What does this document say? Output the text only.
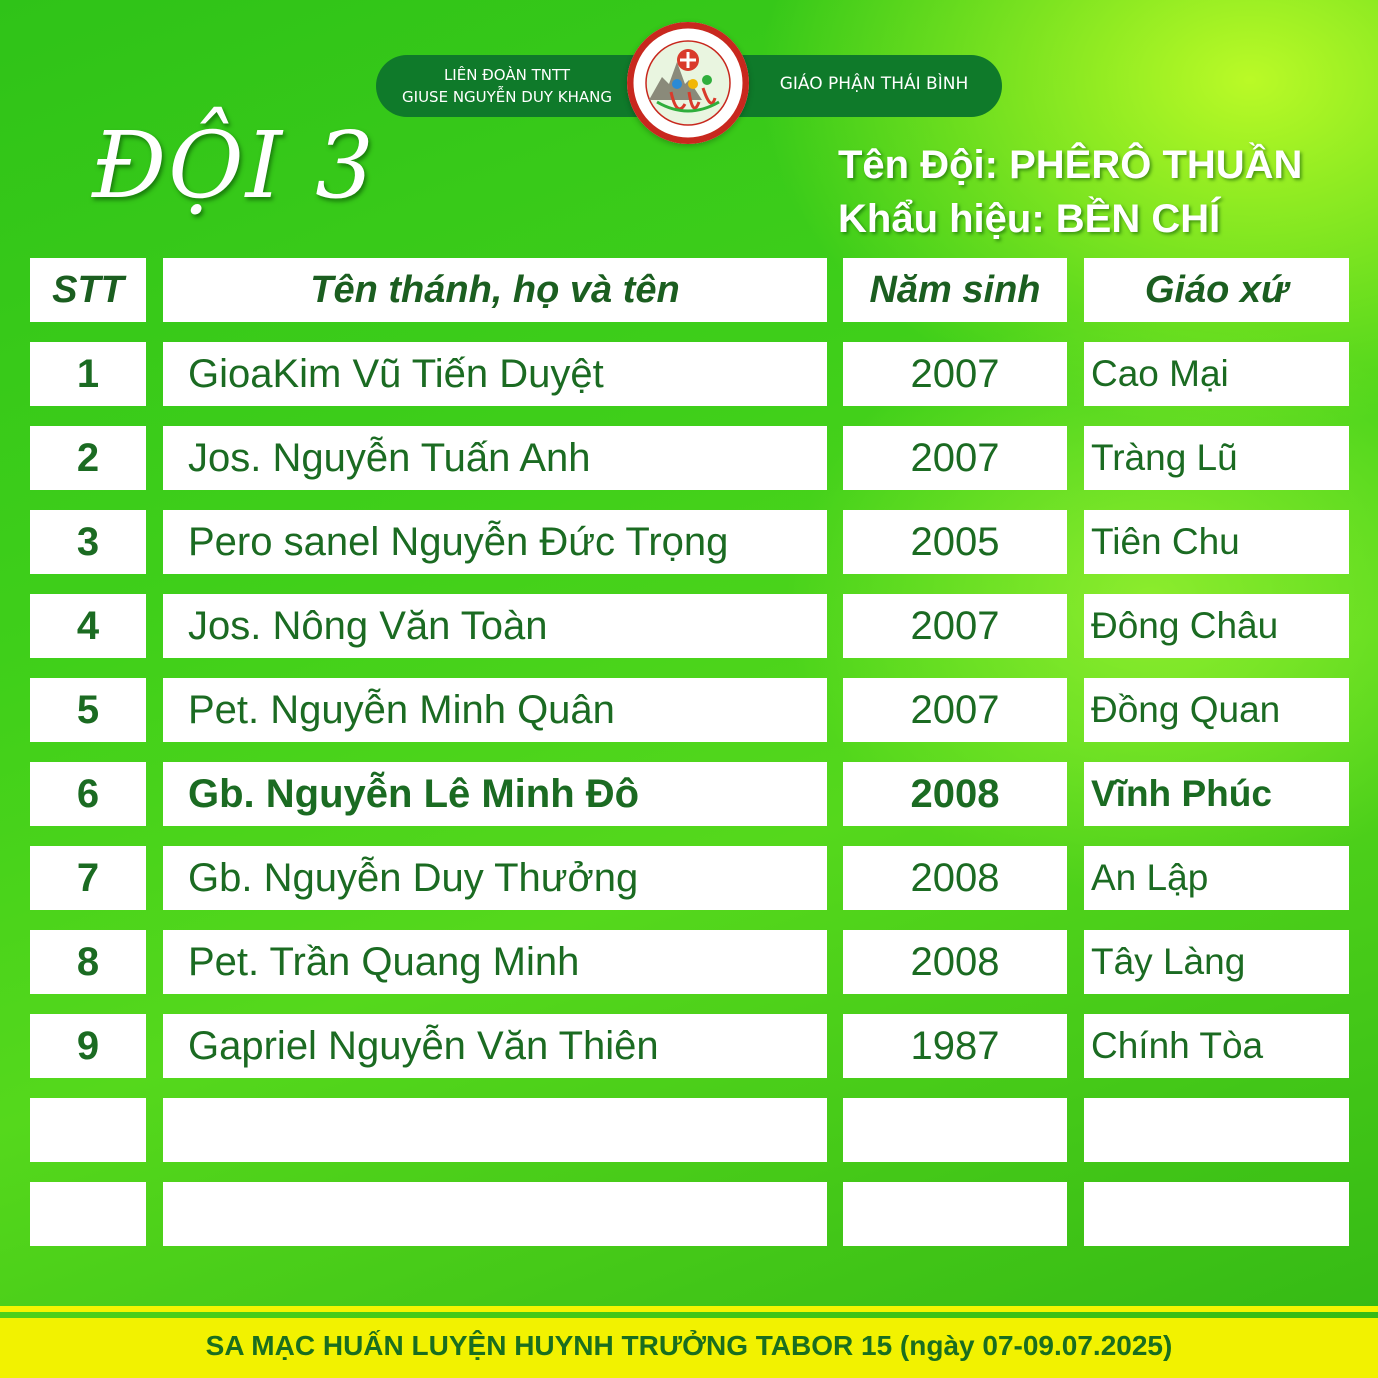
LIÊN ĐOÀN TNTT
GIUSE NGUYỄN DUY KHANG
GIÁO PHẬN THÁI BÌNH
ĐỘI 3	Tên Đội: PHÊRÔ THUẦN
Khẩu hiệu: BỀN CHÍ
STT	Tên thánh, họ và tên	Năm sinh	Giáo xứ
1	GioaKim Vũ Tiến Duyệt	2007	Cao Mại
2	Jos. Nguyễn Tuấn Anh	2007	Tràng Lũ
3	Pero sanel Nguyễn Đức Trọng	2005	Tiên Chu
4	Jos. Nông Văn Toàn	2007	Đông Châu
5	Pet. Nguyễn Minh Quân	2007	Đồng Quan
6	Gb. Nguyễn Lê Minh Đô	2008	Vĩnh Phúc
7	Gb. Nguyễn Duy Thưởng	2008	An Lập
8	Pet. Trần Quang Minh	2008	Tây Làng
9	Gapriel Nguyễn Văn Thiên	1987	Chính Tòa
SA MẠC HUẤN LUYỆN HUYNH TRƯỞNG TABOR 15 (ngày 07-09.07.2025)
